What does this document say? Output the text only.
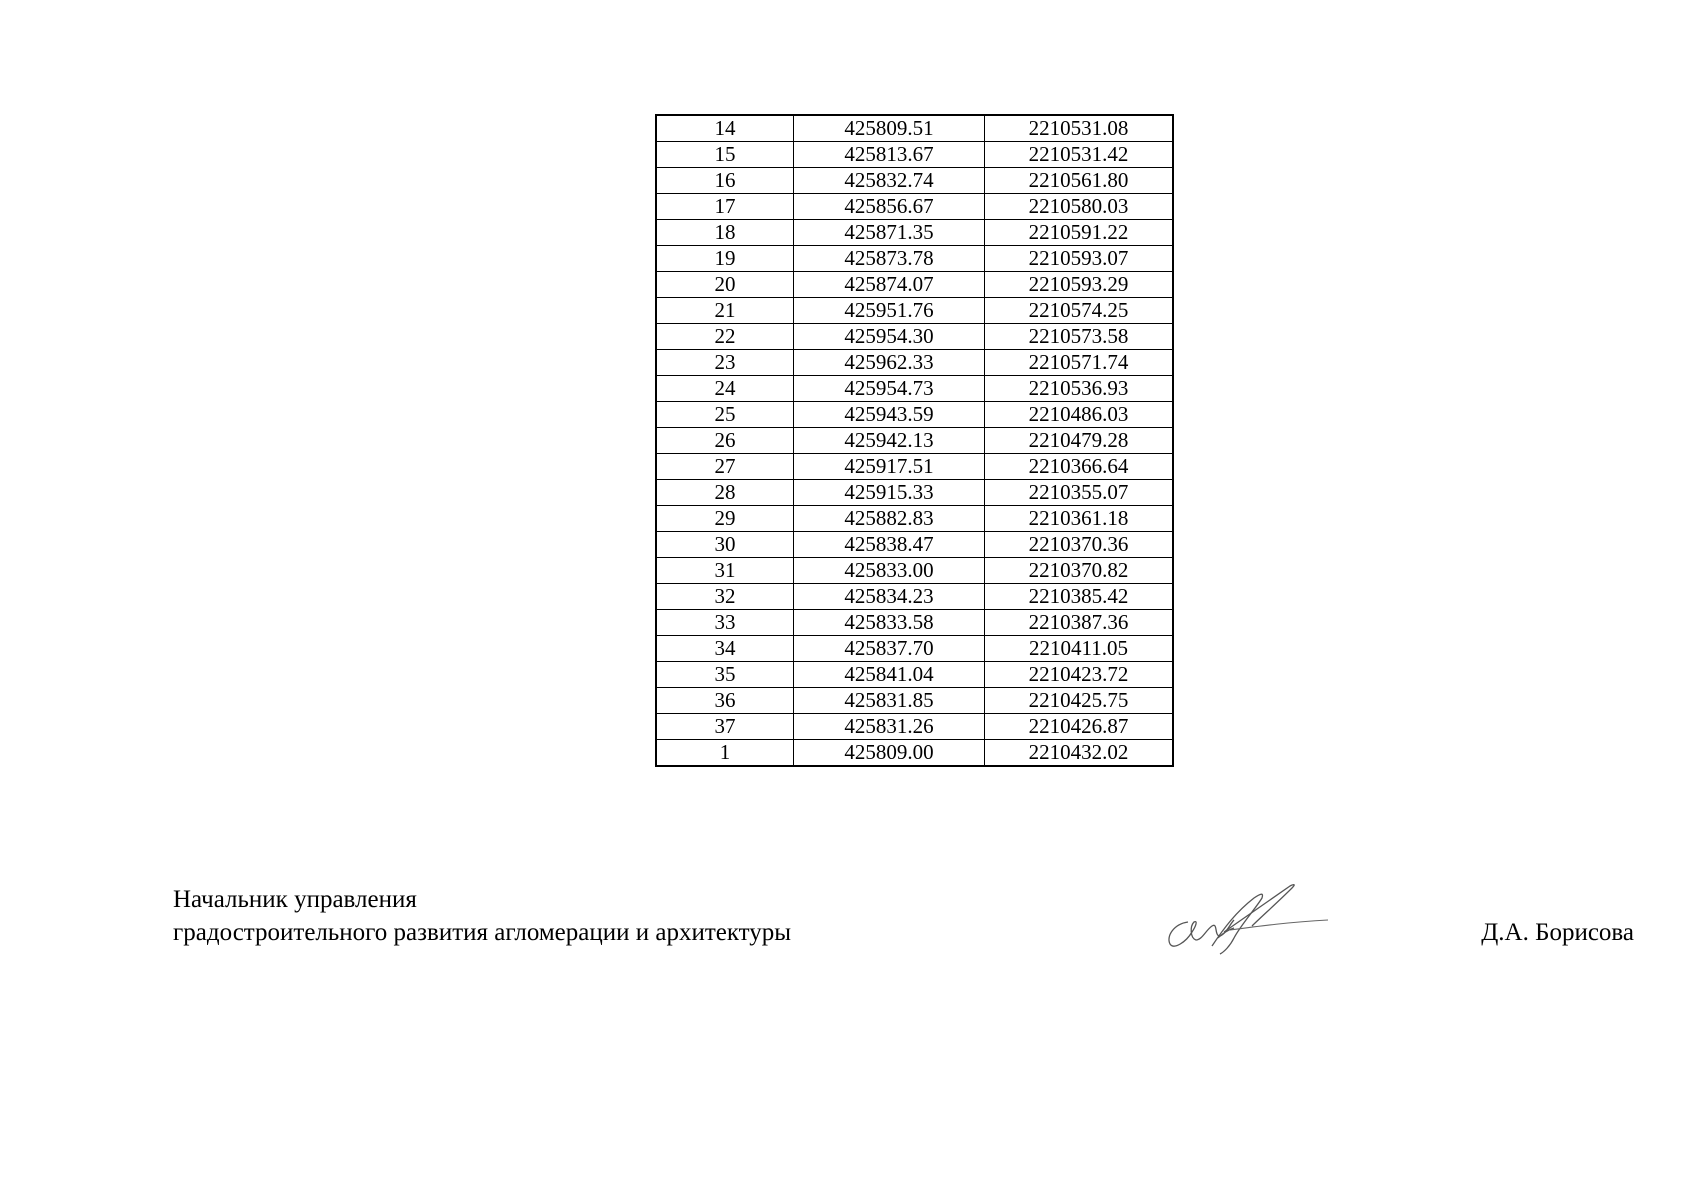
14	425809.51	2210531.08
15	425813.67	2210531.42
16	425832.74	2210561.80
17	425856.67	2210580.03
18	425871.35	2210591.22
19	425873.78	2210593.07
20	425874.07	2210593.29
21	425951.76	2210574.25
22	425954.30	2210573.58
23	425962.33	2210571.74
24	425954.73	2210536.93
25	425943.59	2210486.03
26	425942.13	2210479.28
27	425917.51	2210366.64
28	425915.33	2210355.07
29	425882.83	2210361.18
30	425838.47	2210370.36
31	425833.00	2210370.82
32	425834.23	2210385.42
33	425833.58	2210387.36
34	425837.70	2210411.05
35	425841.04	2210423.72
36	425831.85	2210425.75
37	425831.26	2210426.87
1	425809.00	2210432.02
Начальник управления
градостроительного развития агломерации и архитектуры	Д.А. Борисова
